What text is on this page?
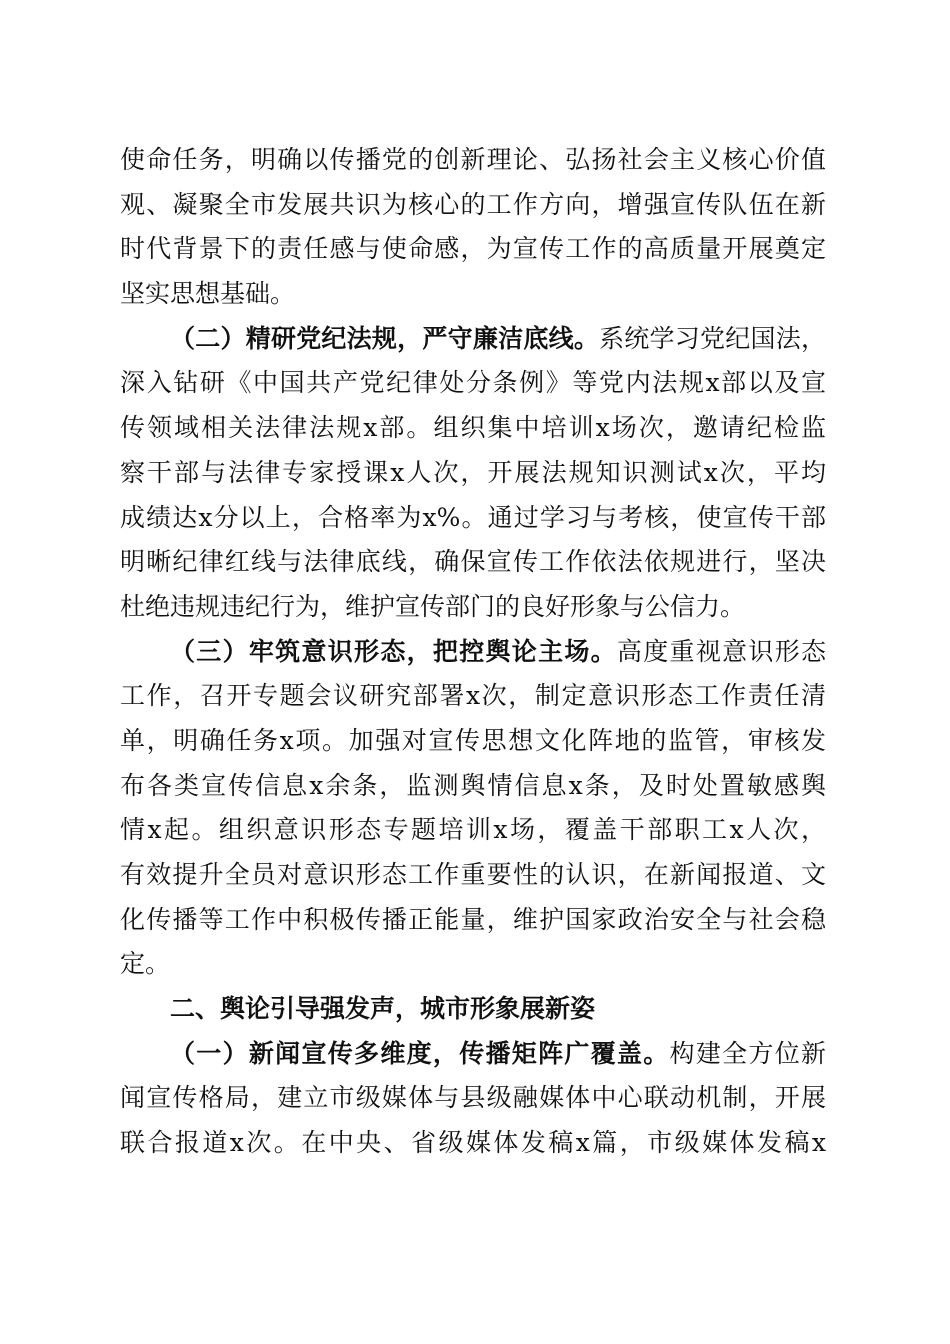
使命任务，明确以传播党的创新理论、弘扬社会主义核心价值
观、凝聚全市发展共识为核心的工作方向，增强宣传队伍在新
时代背景下的责任感与使命感，为宣传工作的高质量开展奠定
坚实思想基础。
（二）精研党纪法规，严守廉洁底线。系统学习党纪国法，
深入钻研《中国共产党纪律处分条例》等党内法规x部以及宣
传领域相关法律法规x部。组织集中培训x场次，邀请纪检监
察干部与法律专家授课x人次，开展法规知识测试x次，平均
成绩达x分以上，合格率为x%。通过学习与考核，使宣传干部
明晰纪律红线与法律底线，确保宣传工作依法依规进行，坚决
杜绝违规违纪行为，维护宣传部门的良好形象与公信力。
（三）牢筑意识形态，把控舆论主场。高度重视意识形态
工作，召开专题会议研究部署x次，制定意识形态工作责任清
单，明确任务x项。加强对宣传思想文化阵地的监管，审核发
布各类宣传信息x余条，监测舆情信息x条，及时处置敏感舆
情x起。组织意识形态专题培训x场，覆盖干部职工x人次，
有效提升全员对意识形态工作重要性的认识，在新闻报道、文
化传播等工作中积极传播正能量，维护国家政治安全与社会稳
定。
二、舆论引导强发声，城市形象展新姿
（一）新闻宣传多维度，传播矩阵广覆盖。构建全方位新
闻宣传格局，建立市级媒体与县级融媒体中心联动机制，开展
联合报道x次。在中央、省级媒体发稿x篇，市级媒体发稿x
